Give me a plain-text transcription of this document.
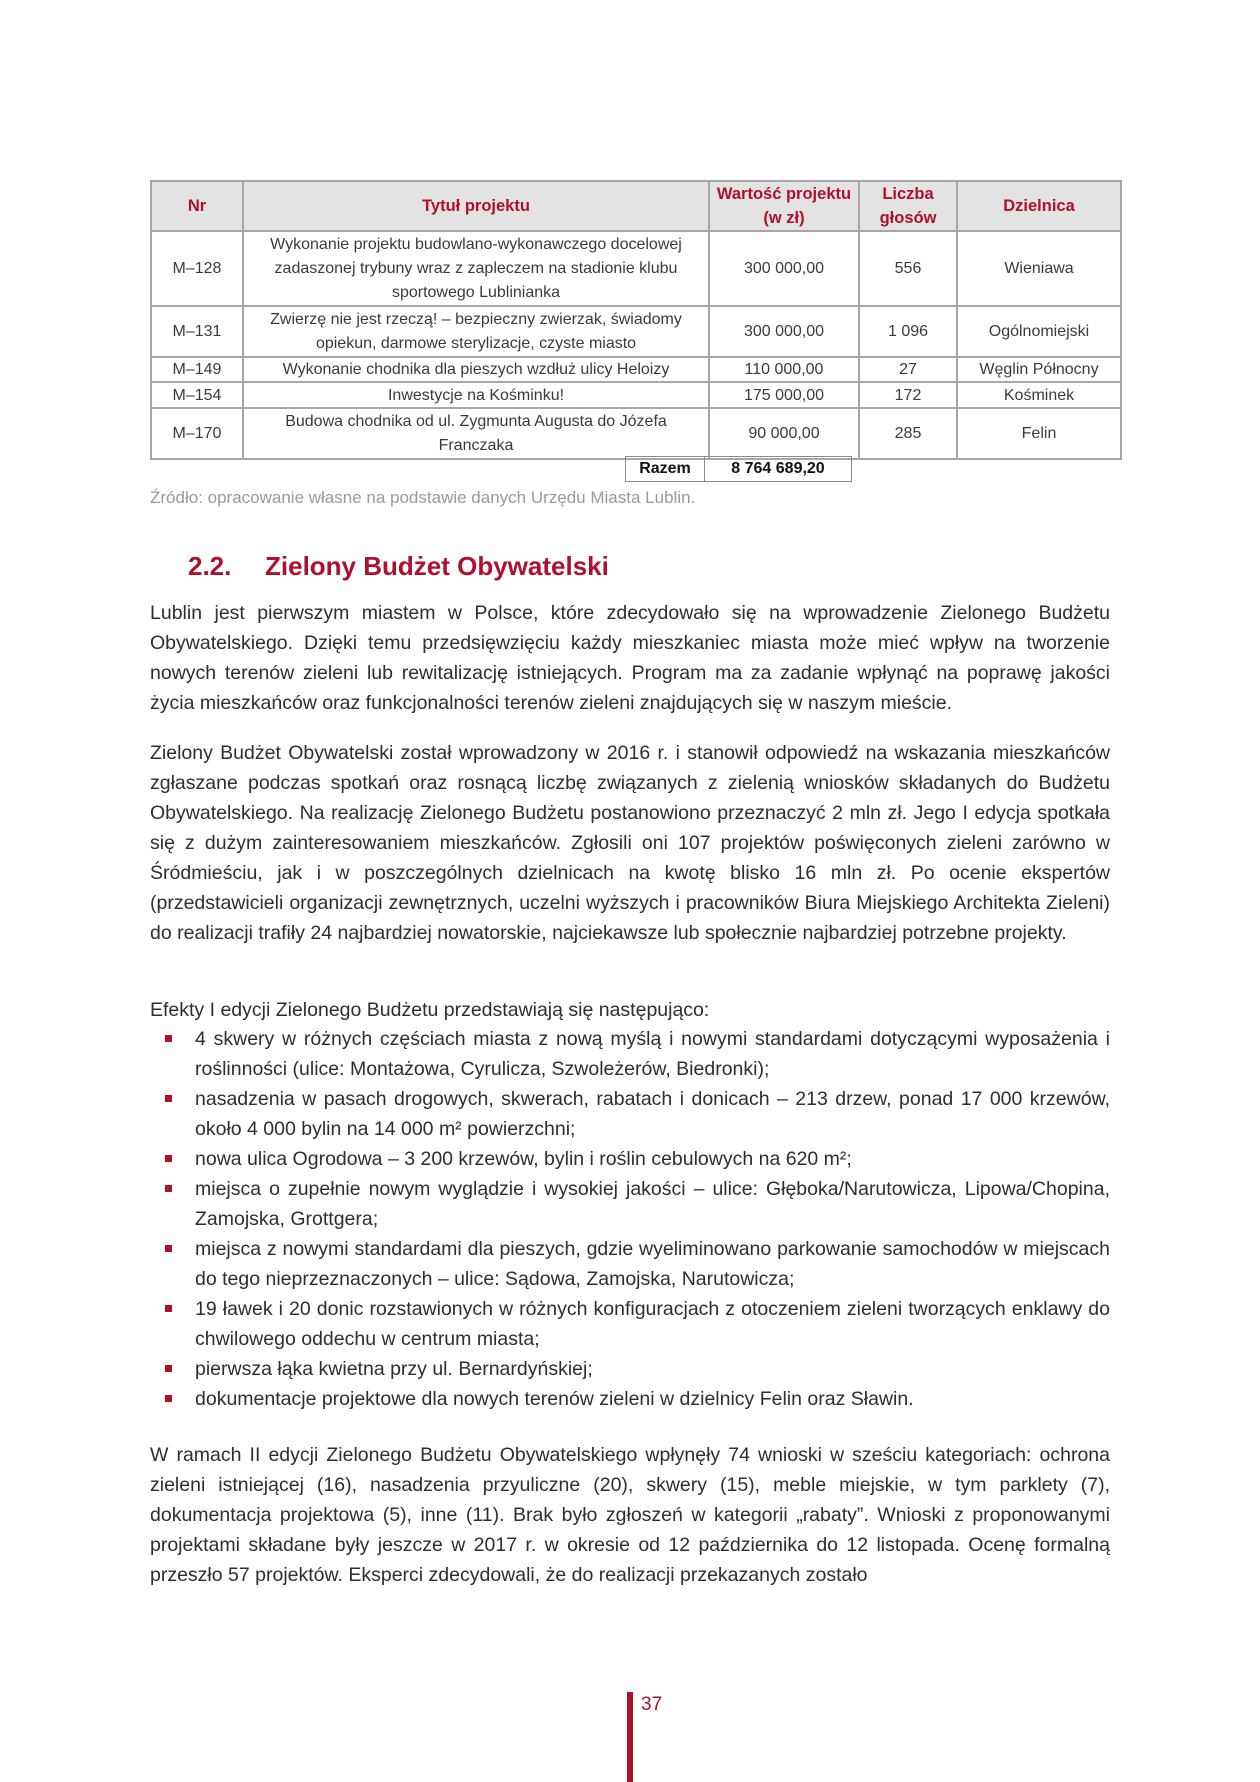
Nr	Tytuł projektu	Wartość projektu (w zł)	Liczba głosów	Dzielnica
M–128	Wykonanie projektu budowlano-wykonawczego docelowej zadaszonej trybuny wraz z zapleczem na stadionie klubu sportowego Lublinianka	300 000,00	556	Wieniawa
M–131	Zwierzę nie jest rzeczą! – bezpieczny zwierzak, świadomy opiekun, darmowe sterylizacje, czyste miasto	300 000,00	1 096	Ogólnomiejski
M–149	Wykonanie chodnika dla pieszych wzdłuż ulicy Heloizy	110 000,00	27	Węglin Północny
M–154	Inwestycje na Kośminku!	175 000,00	172	Kośminek
M–170	Budowa chodnika od ul. Zygmunta Augusta do Józefa Franczaka	90 000,00	285	Felin
Razem	8 764 689,20
Źródło: opracowanie własne na podstawie danych Urzędu Miasta Lublin.
2.2. Zielony Budżet Obywatelski

Lublin jest pierwszym miastem w Polsce, które zdecydowało się na wprowadzenie Zielonego Budżetu Obywatelskiego. Dzięki temu przedsięwzięciu każdy mieszkaniec miasta może mieć wpływ na tworzenie nowych terenów zieleni lub rewitalizację istniejących. Program ma za zadanie wpłynąć na poprawę jakości życia mieszkańców oraz funkcjonalności terenów zieleni znajdujących się w naszym mieście.

Zielony Budżet Obywatelski został wprowadzony w 2016 r. i stanowił odpowiedź na wskazania mieszkańców zgłaszane podczas spotkań oraz rosnącą liczbę związanych z zielenią wniosków składanych do Budżetu Obywatelskiego. Na realizację Zielonego Budżetu postanowiono przeznaczyć 2 mln zł. Jego I edycja spotkała się z dużym zainteresowaniem mieszkańców. Zgłosili oni 107 projektów poświęconych zieleni zarówno w Śródmieściu, jak i w poszczególnych dzielnicach na kwotę blisko 16 mln zł. Po ocenie ekspertów (przedstawicieli organizacji zewnętrznych, uczelni wyższych i pracowników Biura Miejskiego Architekta Zieleni) do realizacji trafiły 24 najbardziej nowatorskie, najciekawsze lub społecznie najbardziej potrzebne projekty.

Efekty I edycji Zielonego Budżetu przedstawiają się następująco:

4 skwery w różnych częściach miasta z nową myślą i nowymi standardami dotyczącymi wyposażenia i roślinności (ulice: Montażowa, Cyrulicza, Szwoleżerów, Biedronki);
nasadzenia w pasach drogowych, skwerach, rabatach i donicach – 213 drzew, ponad 17 000 krzewów, około 4 000 bylin na 14 000 m² powierzchni;
nowa ulica Ogrodowa – 3 200 krzewów, bylin i roślin cebulowych na 620 m²;
miejsca o zupełnie nowym wyglądzie i wysokiej jakości – ulice: Głęboka/Narutowicza, Lipowa/Chopina, Zamojska, Grottgera;
miejsca z nowymi standardami dla pieszych, gdzie wyeliminowano parkowanie samochodów w miejscach do tego nieprzeznaczonych – ulice: Sądowa, Zamojska, Narutowicza;
19 ławek i 20 donic rozstawionych w różnych konfiguracjach z otoczeniem zieleni tworzących enklawy do chwilowego oddechu w centrum miasta;
pierwsza łąka kwietna przy ul. Bernardyńskiej;
dokumentacje projektowe dla nowych terenów zieleni w dzielnicy Felin oraz Sławin.

W ramach II edycji Zielonego Budżetu Obywatelskiego wpłynęły 74 wnioski w sześciu kategoriach: ochrona zieleni istniejącej (16), nasadzenia przyuliczne (20), skwery (15), meble miejskie, w tym parklety (7), dokumentacja projektowa (5), inne (11). Brak było zgłoszeń w kategorii „rabaty”. Wnioski z proponowanymi projektami składane były jeszcze w 2017 r. w okresie od 12 października do 12 listopada. Ocenę formalną przeszło 57 projektów. Eksperci zdecydowali, że do realizacji przekazanych zostało

37
